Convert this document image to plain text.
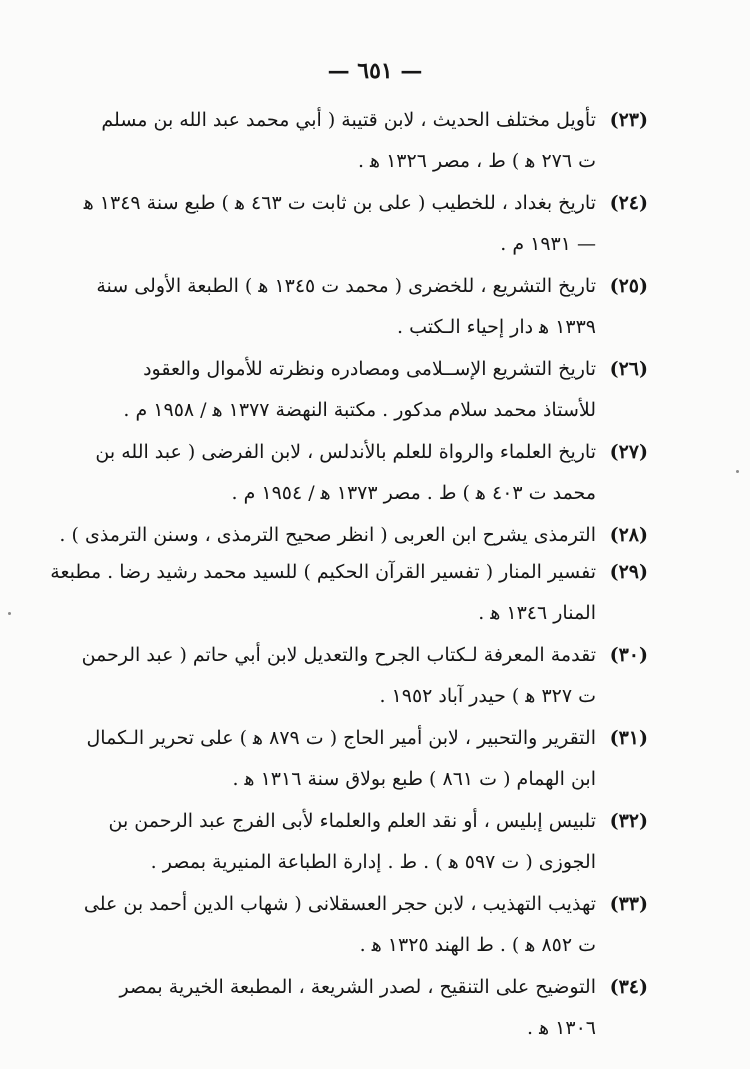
— ٦٥١ —
(٢٣)
تأويل مختلف الحديث ، لابن قتيبة ( أبي محمد عبد الله بن مسلم
ت ٢٧٦ ﻫ ) ط ، مصر ١٣٢٦ ﻫ .
(٢٤)
تاريخ بغداد ، للخطيب ( على بن ثابت ت ٤٦٣ ﻫ ) طبع سنة ١٣٤٩ ﻫ
— ١٩٣١ م .
(٢٥)
تاريخ التشريع ، للخضرى ( محمد ت ١٣٤٥ ﻫ ) الطبعة الأولى سنة
١٣٣٩ ﻫ دار إحياء الـكتب .
(٢٦)
تاريخ التشريع الإســلامى ومصادره ونظرته للأموال والعقود
للأستاذ محمد سلام مدكور . مكتبة النهضة ١٣٧٧ ﻫ / ١٩٥٨ م .
(٢٧)
تاريخ العلماء والرواة للعلم بالأندلس ، لابن الفرضى ( عبد الله بن
محمد ت ٤٠٣ ﻫ ) ط . مصر ١٣٧٣ ﻫ / ١٩٥٤ م .
(٢٨)
الترمذى يشرح ابن العربى ( انظر صحيح الترمذى ، وسنن الترمذى ) .
(٢٩)
تفسير المنار ( تفسير القرآن الحكيم ) للسيد محمد رشيد رضا . مطبعة
المنار ١٣٤٦ ﻫ .
(٣٠)
تقدمة المعرفة لـكتاب الجرح والتعديل لابن أبي حاتم ( عبد الرحمن
ت ٣٢٧ ﻫ ) حيدر آباد ١٩٥٢ .
(٣١)
التقرير والتحبير ، لابن أمير الحاج ( ت ٨٧٩ ﻫ ) على تحرير الـكمال
ابن الهمام ( ت ٨٦١ ) طبع بولاق سنة ١٣١٦ ﻫ .
(٣٢)
تلبيس إبليس ، أو نقد العلم والعلماء لأبى الفرج عبد الرحمن بن
الجوزى ( ت ٥٩٧ ﻫ ) . ط . إدارة الطباعة المنيرية بمصر .
(٣٣)
تهذيب التهذيب ، لابن حجر العسقلانى ( شهاب الدين أحمد بن على
ت ٨٥٢ ﻫ ) . ط الهند ١٣٢٥ ﻫ .
(٣٤)
التوضيح على التنقيح ، لصدر الشريعة ، المطبعة الخيرية بمصر
١٣٠٦ ﻫ .
